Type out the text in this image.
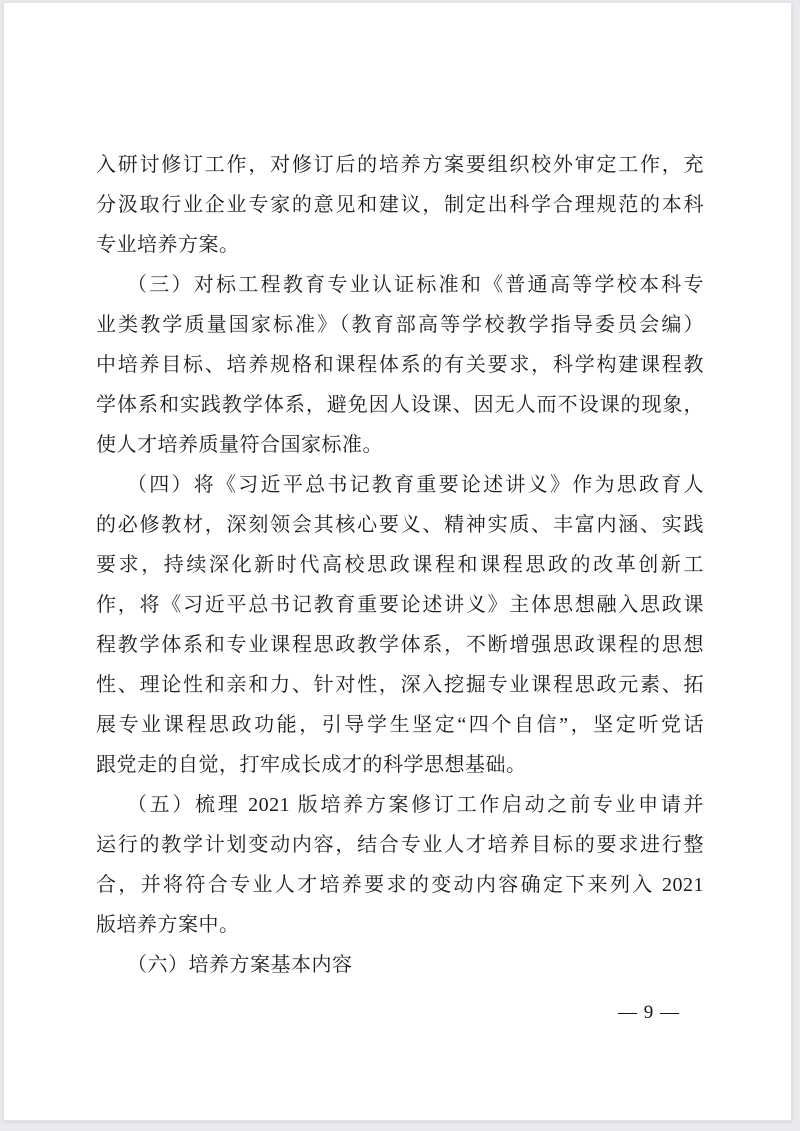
入研讨修订工作，对修订后的培养方案要组织校外审定工作，充
分汲取行业企业专家的意见和建议，制定出科学合理规范的本科
专业培养方案。
（三）对标工程教育专业认证标准和《普通高等学校本科专
业类教学质量国家标准》（教育部高等学校教学指导委员会编）
中培养目标、培养规格和课程体系的有关要求，科学构建课程教
学体系和实践教学体系，避免因人设课、因无人而不设课的现象，
使人才培养质量符合国家标准。
（四）将《习近平总书记教育重要论述讲义》作为思政育人
的必修教材，深刻领会其核心要义、精神实质、丰富内涵、实践
要求，持续深化新时代高校思政课程和课程思政的改革创新工
作，将《习近平总书记教育重要论述讲义》主体思想融入思政课
程教学体系和专业课程思政教学体系，不断增强思政课程的思想
性、理论性和亲和力、针对性，深入挖掘专业课程思政元素、拓
展专业课程思政功能，引导学生坚定“四个自信”，坚定听党话
跟党走的自觉，打牢成长成才的科学思想基础。
（五）梳理 2021 版培养方案修订工作启动之前专业申请并
运行的教学计划变动内容，结合专业人才培养目标的要求进行整
合，并将符合专业人才培养要求的变动内容确定下来列入 2021
版培养方案中。
（六）培养方案基本内容
— 9 —
